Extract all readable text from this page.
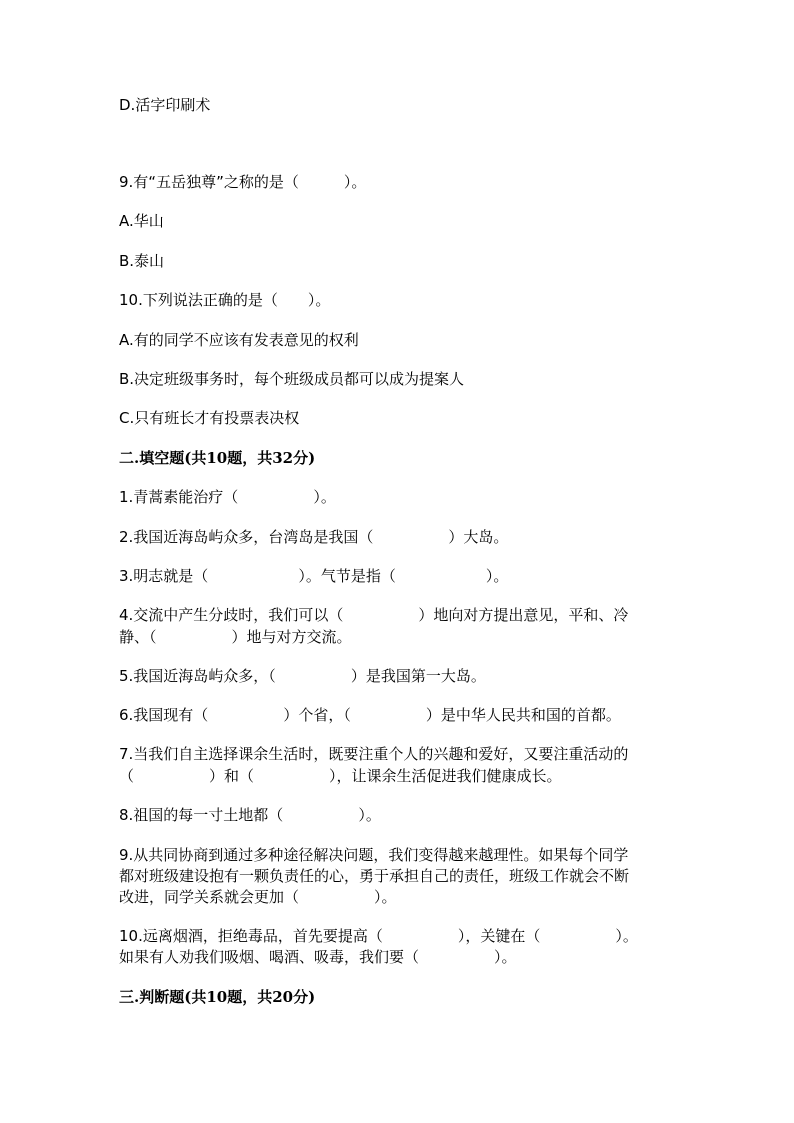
D.活字印刷术
9.有“五岳独尊”之称的是（　　　）。
A.华山
B.泰山
10.下列说法正确的是（　　）。
A.有的同学不应该有发表意见的权利
B.决定班级事务时，每个班级成员都可以成为提案人
C.只有班长才有投票表决权
二.填空题(共10题，共32分)
1.青蒿素能治疗（　　　　　）。
2.我国近海岛屿众多，台湾岛是我国（　　　　　）大岛。
3.明志就是（　　　　　　）。气节是指（　　　　　　）。
4.交流中产生分歧时，我们可以（　　　　　）地向对方提出意见，平和、冷
静、（　　　　　）地与对方交流。
5.我国近海岛屿众多，（　　　　　）是我国第一大岛。
6.我国现有（　　　　　）个省，（　　　　　）是中华人民共和国的首都。
7.当我们自主选择课余生活时，既要注重个人的兴趣和爱好，又要注重活动的
（　　　　　）和（　　　　　），让课余生活促进我们健康成长。
8.祖国的每一寸土地都（　　　　　）。
9.从共同协商到通过多种途径解决问题，我们变得越来越理性。如果每个同学
都对班级建设抱有一颗负责任的心，勇于承担自己的责任，班级工作就会不断
改进，同学关系就会更加（　　　　　）。
10.远离烟酒，拒绝毒品，首先要提高（　　　　　），关键在（　　　　　）。
如果有人劝我们吸烟、喝酒、吸毒，我们要（　　　　　）。
三.判断题(共10题，共20分)
